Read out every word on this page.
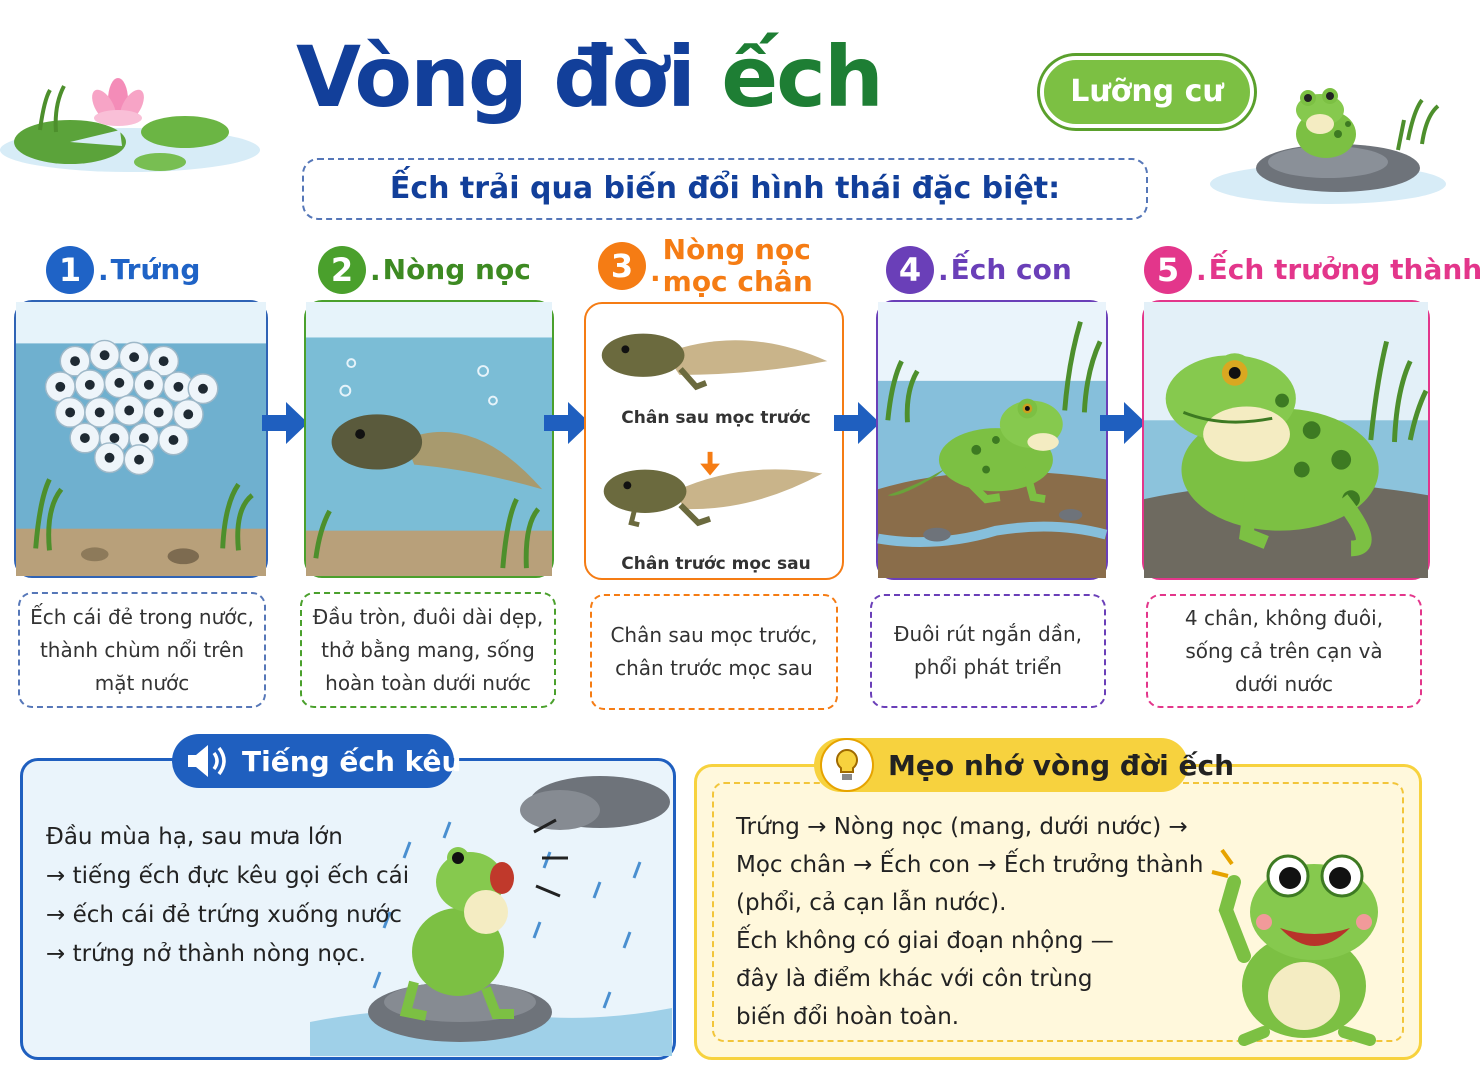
Vòng đời ếch	Lưỡng cư
Ếch trải qua biến đổi hình thái đặc biệt:
1 . Trứng
Ếch cái đẻ trong nước,
thành chùm nổi trên
mặt nước
2 . Nòng nọc
Đầu tròn, đuôi dài dẹp,
thở bằng mang, sống
hoàn toàn dưới nước
3 .
Nòng nọc
mọc chân
Chân sau mọc trước
Chân trước mọc sau
Chân sau mọc trước,
chân trước mọc sau
4 . Ếch con
Đuôi rút ngắn dần,
phổi phát triển
5 . Ếch trưởng thành
4 chân, không đuôi,
sống cả trên cạn và
dưới nước
Tiếng ếch kêu
Đầu mùa hạ, sau mưa lớn
→ tiếng ếch đực kêu gọi ếch cái
→ ếch cái đẻ trứng xuống nước
→ trứng nở thành nòng nọc.
Mẹo nhớ vòng đời ếch
Trứng → Nòng nọc (mang, dưới nước) →
Mọc chân → Ếch con → Ếch trưởng thành
(phổi, cả cạn lẫn nước).
Ếch không có giai đoạn nhộng —
đây là điểm khác với côn trùng
biến đổi hoàn toàn.
